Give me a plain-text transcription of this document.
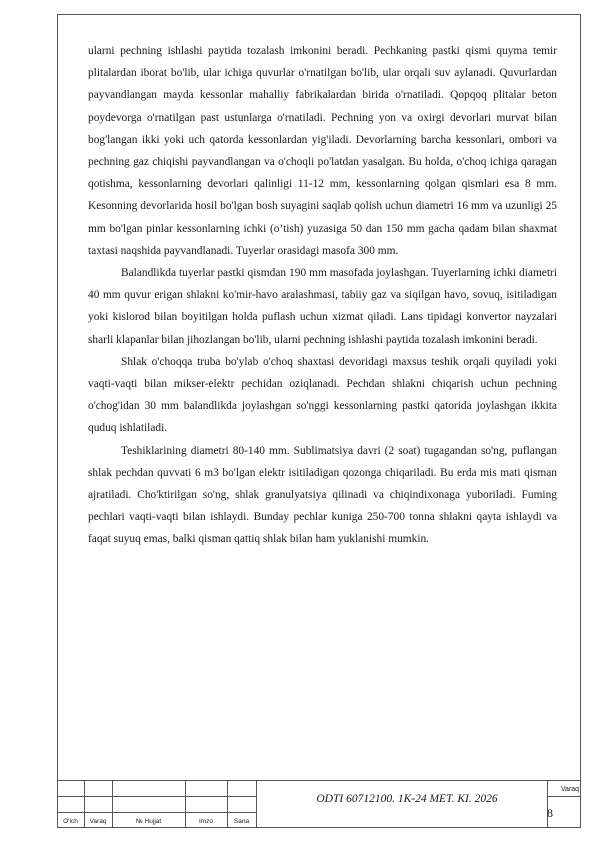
ularni pechning ishlashi paytida tozalash imkonini beradi. Pechkaning pastki qismi quyma temir plitalardan iborat bo'lib, ular ichiga quvurlar o'rnatilgan bo'lib, ular orqali suv aylanadi. Quvurlardan payvandlangan mayda kessonlar mahalliy fabrikalardan birida o'rnatiladi. Qopqoq plitalar beton poydevorga o'rnatilgan past ustunlarga o'rnatiladi. Pechning yon va oxirgi devorlari murvat bilan bog'langan ikki yoki uch qatorda kessonlardan yig'iladi. Devorlarning barcha kessonlari, ombori va pechning gaz chiqishi payvandlangan va o'choqli po'latdan yasalgan. Bu holda, o'choq ichiga qaragan qotishma, kessonlarning devorlari qalinligi 11-12 mm, kessonlarning qolgan qismlari esa 8 mm. Kesonning devorlarida hosil bo'lgan bosh suyagini saqlab qolish uchun diametri 16 mm va uzunligi 25 mm bo'lgan pinlar kessonlarning ichki (o’tish) yuzasiga 50 dan 150 mm gacha qadam bilan shaxmat taxtasi naqshida payvandlanadi. Tuyerlar orasidagi masofa 300 mm.

Balandlikda tuyerlar pastki qismdan 190 mm masofada joylashgan. Tuyerlarning ichki diametri 40 mm quvur erigan shlakni ko'mir-havo aralashmasi, tabiiy gaz va siqilgan havo, sovuq, isitiladigan yoki kislorod bilan boyitilgan holda puflash uchun xizmat qiladi. Lans tipidagi konvertor nayzalari sharli klapanlar bilan jihozlangan bo'lib, ularni pechning ishlashi paytida tozalash imkonini beradi.

Shlak o'choqqa truba bo'ylab o'choq shaxtasi devoridagi maxsus teshik orqali quyiladi yoki vaqti-vaqti bilan mikser-elektr pechidan oziqlanadi. Pechdan shlakni chiqarish uchun pechning o'chog'idan 30 mm balandlikda joylashgan so'nggi kessonlarning pastki qatorida joylashgan ikkita quduq ishlatiladi.

Teshiklarining diametri 80-140 mm. Sublimatsiya davri (2 soat) tugagandan so'ng, puflangan shlak pechdan quvvati 6 m3 bo'lgan elektr isitiladigan qozonga chiqariladi. Bu erda mis mati qisman ajratiladi. Cho'ktirilgan so'ng, shlak granulyatsiya qilinadi va chiqindixonaga yuboriladi. Fuming pechlari vaqti-vaqti bilan ishlaydi. Bunday pechlar kuniga 250-700 tonna shlakni qayta ishlaydi va faqat suyuq emas, balki qisman qattiq shlak bilan ham yuklanishi mumkin.

O‘lch	Varaq	№ Hujjat	Imzo	Sana
ODTI 60712100. 1K-24 MET. KI. 2026
Varaq
8
